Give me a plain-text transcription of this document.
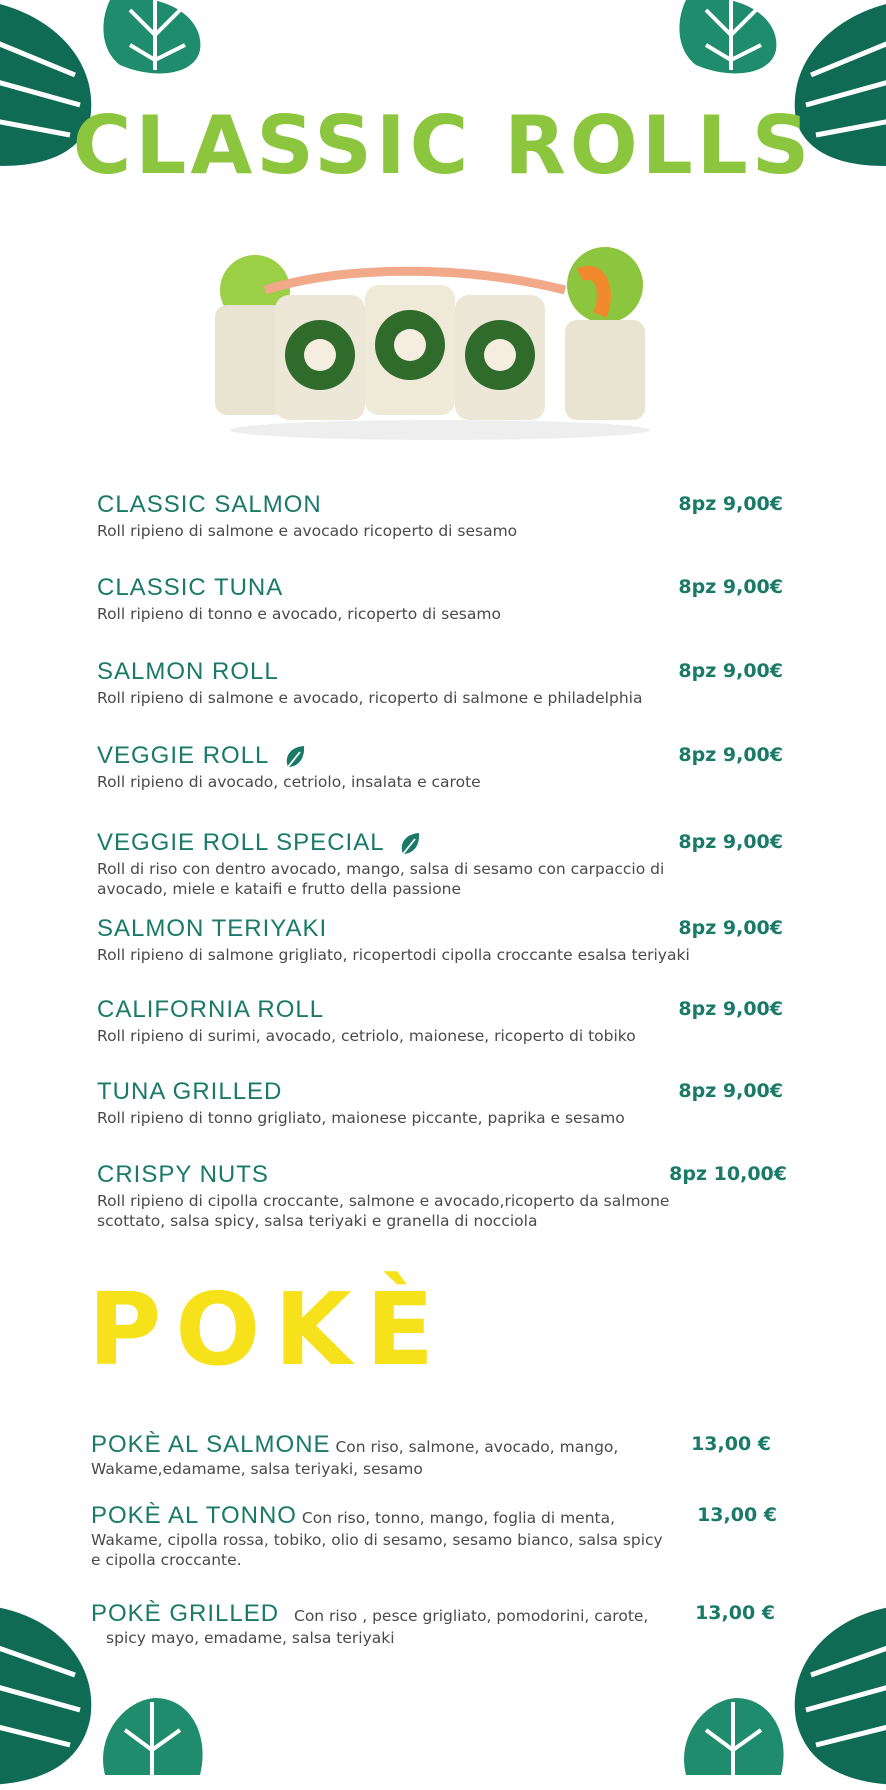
CLASSIC ROLLS
CLASSIC SALMON
Roll ripieno di salmone e avocado ricoperto di sesamo
8pz 9,00€
CLASSIC TUNA
Roll ripieno di tonno e avocado, ricoperto di sesamo
8pz 9,00€
SALMON ROLL
Roll ripieno di salmone e avocado, ricoperto di salmone e philadelphia
8pz 9,00€
VEGGIE ROLL
Roll ripieno di avocado, cetriolo, insalata e carote
8pz 9,00€
VEGGIE ROLL SPECIAL
Roll di riso con dentro avocado, mango, salsa di sesamo con carpaccio di avocado, miele e kataifi e frutto della passione
8pz 9,00€
SALMON TERIYAKI
Roll ripieno di salmone grigliato, ricopertodi cipolla croccante esalsa teriyaki
8pz 9,00€
CALIFORNIA ROLL
Roll ripieno di surimi, avocado, cetriolo, maionese, ricoperto di tobiko
8pz 9,00€
TUNA GRILLED
Roll ripieno di tonno grigliato, maionese piccante, paprika e sesamo
8pz 9,00€
CRISPY NUTS
Roll ripieno di cipolla croccante, salmone e avocado,ricoperto da salmone scottato, salsa spicy, salsa teriyaki e granella di nocciola
8pz 10,00€
POKÈ
POKÈ AL SALMONE Con riso, salmone, avocado, mango,
Wakame,edamame, salsa teriyaki, sesamo
13,00 €
POKÈ AL TONNO Con riso, tonno, mango, foglia di menta,
Wakame, cipolla rossa, tobiko, olio di sesamo, sesamo bianco, salsa spicy e cipolla croccante.
13,00 €
POKÈ GRILLED Con riso , pesce grigliato, pomodorini, carote,
spicy mayo, emadame, salsa teriyaki
13,00 €
